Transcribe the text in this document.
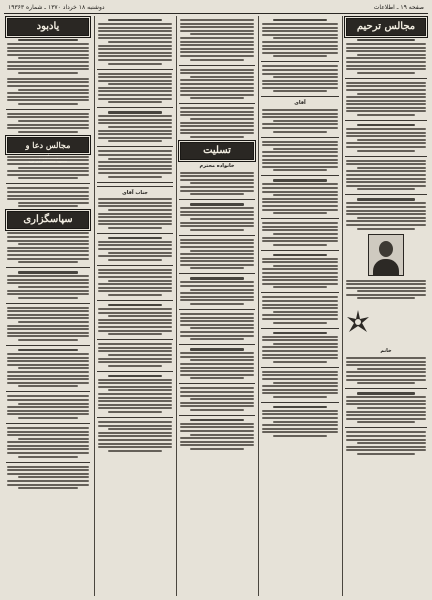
صفحه ۱۹ ـ اطلاعات
دوشنبه ۱۸ خرداد ۱۳۷۰ ـ شماره ۱۹۳۶۳
یادبود
مجالس دعا و
سپاسگزاری
جناب آقای
تسلیت
خانواده محترم
آقای
مجالس ترحیم
خانم
